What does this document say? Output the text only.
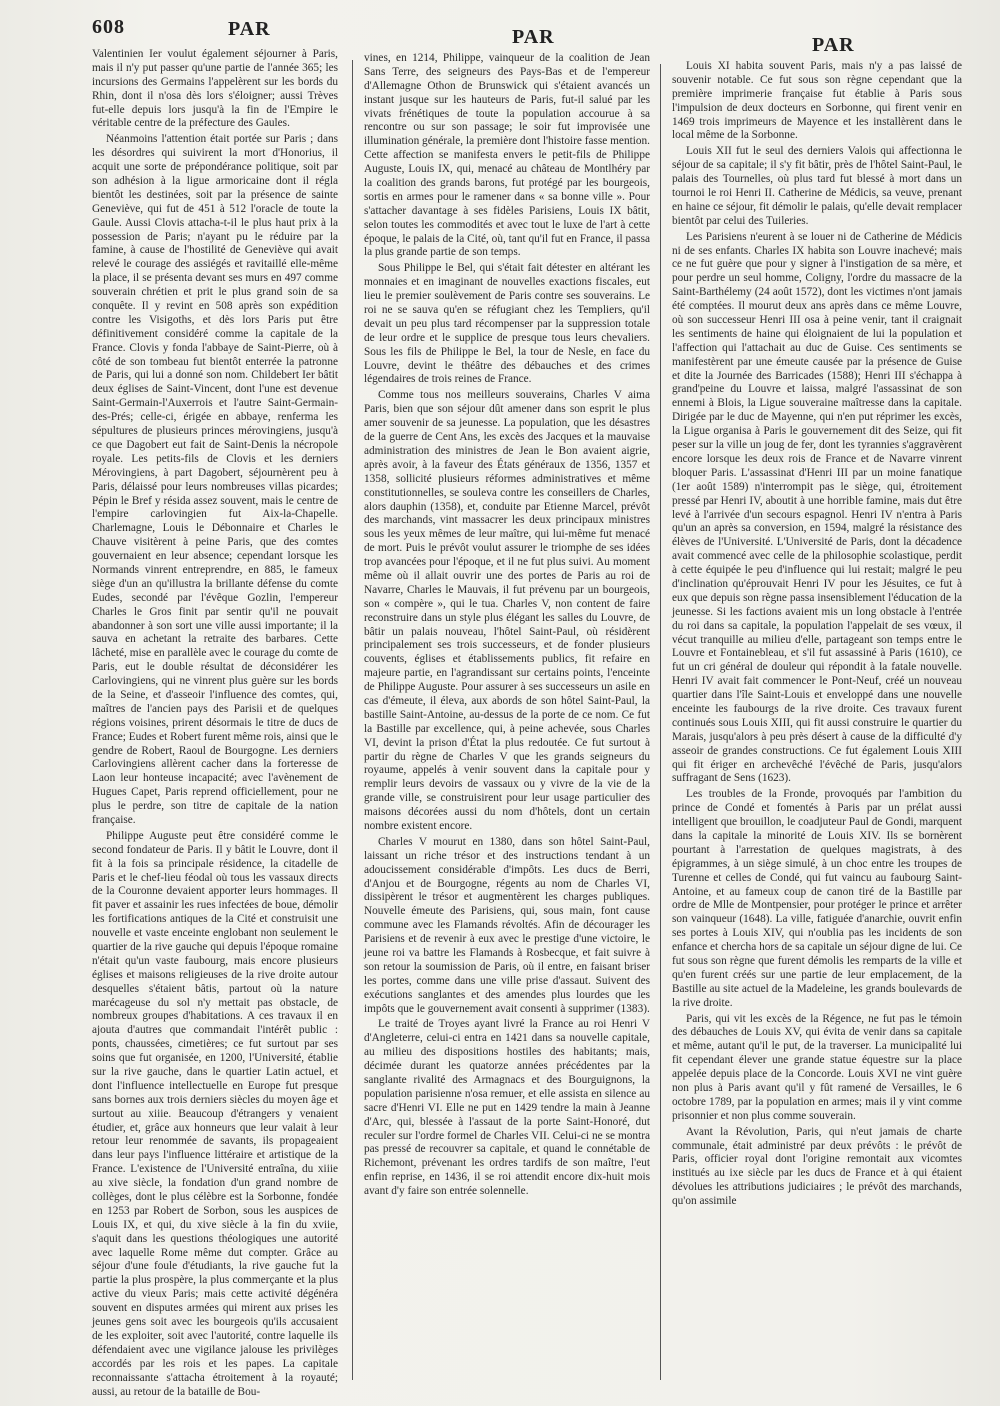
608	PAR	PAR	PAR

Valentinien Ier voulut également séjourner à Paris, mais il n'y put passer qu'une partie de l'année 365; les incursions des Germains l'appelèrent sur les bords du Rhin, dont il n'osa dès lors s'éloigner; aussi Trèves fut-elle depuis lors jusqu'à la fin de l'Empire le véritable centre de la préfecture des Gaules.

Néanmoins l'attention était portée sur Paris ; dans les désordres qui suivirent la mort d'Honorius, il acquit une sorte de prépondérance politique, soit par son adhésion à la ligue armoricaine dont il régla bientôt les destinées, soit par la présence de sainte Geneviève, qui fut de 451 à 512 l'oracle de toute la Gaule. Aussi Clovis attacha-t-il le plus haut prix à la possession de Paris; n'ayant pu le réduire par la famine, à cause de l'hostilité de Geneviève qui avait relevé le courage des assiégés et ravitaillé elle-même la place, il se présenta devant ses murs en 497 comme souverain chrétien et prit le plus grand soin de sa conquête. Il y revint en 508 après son expédition contre les Visigoths, et dès lors Paris put être définitivement considéré comme la capitale de la France. Clovis y fonda l'abbaye de Saint-Pierre, où à côté de son tombeau fut bientôt enterrée la patronne de Paris, qui lui a donné son nom. Childebert Ier bâtit deux églises de Saint-Vincent, dont l'une est devenue Saint-Germain-l'Auxerrois et l'autre Saint-Germain-des-Prés; celle-ci, érigée en abbaye, renferma les sépultures de plusieurs princes mérovingiens, jusqu'à ce que Dagobert eut fait de Saint-Denis la nécropole royale. Les petits-fils de Clovis et les derniers Mérovingiens, à part Dagobert, séjournèrent peu à Paris, délaissé pour leurs nombreuses villas picardes; Pépin le Bref y résida assez souvent, mais le centre de l'empire carlovingien fut Aix-la-Chapelle. Charlemagne, Louis le Débonnaire et Charles le Chauve visitèrent à peine Paris, que des comtes gouvernaient en leur absence; cependant lorsque les Normands vinrent entreprendre, en 885, le fameux siège d'un an qu'illustra la brillante défense du comte Eudes, secondé par l'évêque Gozlin, l'empereur Charles le Gros finit par sentir qu'il ne pouvait abandonner à son sort une ville aussi importante; il la sauva en achetant la retraite des barbares. Cette lâcheté, mise en parallèle avec le courage du comte de Paris, eut le double résultat de déconsidérer les Carlovingiens, qui ne vinrent plus guère sur les bords de la Seine, et d'asseoir l'influence des comtes, qui, maîtres de l'ancien pays des Parisii et de quelques régions voisines, prirent désormais le titre de ducs de France; Eudes et Robert furent même rois, ainsi que le gendre de Robert, Raoul de Bourgogne. Les derniers Carlovingiens allèrent cacher dans la forteresse de Laon leur honteuse incapacité; avec l'avènement de Hugues Capet, Paris reprend officiellement, pour ne plus le perdre, son titre de capitale de la nation française.

Philippe Auguste peut être considéré comme le second fondateur de Paris. Il y bâtit le Louvre, dont il fit à la fois sa principale résidence, la citadelle de Paris et le chef-lieu féodal où tous les vassaux directs de la Couronne devaient apporter leurs hommages. Il fit paver et assainir les rues infectées de boue, démolir les fortifications antiques de la Cité et construisit une nouvelle et vaste enceinte englobant non seulement le quartier de la rive gauche qui depuis l'époque romaine n'était qu'un vaste faubourg, mais encore plusieurs églises et maisons religieuses de la rive droite autour desquelles s'étaient bâtis, partout où la nature marécageuse du sol n'y mettait pas obstacle, de nombreux groupes d'habitations. A ces travaux il en ajouta d'autres que commandait l'intérêt public : ponts, chaussées, cimetières; ce fut surtout par ses soins que fut organisée, en 1200, l'Université, établie sur la rive gauche, dans le quartier Latin actuel, et dont l'influence intellectuelle en Europe fut presque sans bornes aux trois derniers siècles du moyen âge et surtout au xiiie. Beaucoup d'étrangers y venaient étudier, et, grâce aux honneurs que leur valait à leur retour leur renommée de savants, ils propageaient dans leur pays l'influence littéraire et artistique de la France. L'existence de l'Université entraîna, du xiiie au xive siècle, la fondation d'un grand nombre de collèges, dont le plus célèbre est la Sorbonne, fondée en 1253 par Robert de Sorbon, sous les auspices de Louis IX, et qui, du xive siècle à la fin du xviie, s'aquit dans les questions théologiques une autorité avec laquelle Rome même dut compter. Grâce au séjour d'une foule d'étudiants, la rive gauche fut la partie la plus prospère, la plus commerçante et la plus active du vieux Paris; mais cette activité dégénéra souvent en disputes armées qui mirent aux prises les jeunes gens soit avec les bourgeois qu'ils accusaient de les exploiter, soit avec l'autorité, contre laquelle ils défendaient avec une vigilance jalouse les privilèges accordés par les rois et les papes. La capitale reconnaissante s'attacha étroitement à la royauté; aussi, au retour de la bataille de Bou-

vines, en 1214, Philippe, vainqueur de la coalition de Jean Sans Terre, des seigneurs des Pays-Bas et de l'empereur d'Allemagne Othon de Brunswick qui s'étaient avancés un instant jusque sur les hauteurs de Paris, fut-il salué par les vivats frénétiques de toute la population accourue à sa rencontre ou sur son passage; le soir fut improvisée une illumination générale, la première dont l'histoire fasse mention. Cette affection se manifesta envers le petit-fils de Philippe Auguste, Louis IX, qui, menacé au château de Montlhéry par la coalition des grands barons, fut protégé par les bourgeois, sortis en armes pour le ramener dans « sa bonne ville ». Pour s'attacher davantage à ses fidèles Parisiens, Louis IX bâtit, selon toutes les commodités et avec tout le luxe de l'art à cette époque, le palais de la Cité, où, tant qu'il fut en France, il passa la plus grande partie de son temps.

Sous Philippe le Bel, qui s'était fait détester en altérant les monnaies et en imaginant de nouvelles exactions fiscales, eut lieu le premier soulèvement de Paris contre ses souverains. Le roi ne se sauva qu'en se réfugiant chez les Templiers, qu'il devait un peu plus tard récompenser par la suppression totale de leur ordre et le supplice de presque tous leurs chevaliers. Sous les fils de Philippe le Bel, la tour de Nesle, en face du Louvre, devint le théâtre des débauches et des crimes légendaires de trois reines de France.

Comme tous nos meilleurs souverains, Charles V aima Paris, bien que son séjour dût amener dans son esprit le plus amer souvenir de sa jeunesse. La population, que les désastres de la guerre de Cent Ans, les excès des Jacques et la mauvaise administration des ministres de Jean le Bon avaient aigrie, après avoir, à la faveur des États généraux de 1356, 1357 et 1358, sollicité plusieurs réformes administratives et même constitutionnelles, se souleva contre les conseillers de Charles, alors dauphin (1358), et, conduite par Etienne Marcel, prévôt des marchands, vint massacrer les deux principaux ministres sous les yeux mêmes de leur maître, qui lui-même fut menacé de mort. Puis le prévôt voulut assurer le triomphe de ses idées trop avancées pour l'époque, et il ne fut plus suivi. Au moment même où il allait ouvrir une des portes de Paris au roi de Navarre, Charles le Mauvais, il fut prévenu par un bourgeois, son « compère », qui le tua. Charles V, non content de faire reconstruire dans un style plus élégant les salles du Louvre, de bâtir un palais nouveau, l'hôtel Saint-Paul, où résidèrent principalement ses trois successeurs, et de fonder plusieurs couvents, églises et établissements publics, fit refaire en majeure partie, en l'agrandissant sur certains points, l'enceinte de Philippe Auguste. Pour assurer à ses successeurs un asile en cas d'émeute, il éleva, aux abords de son hôtel Saint-Paul, la bastille Saint-Antoine, au-dessus de la porte de ce nom. Ce fut la Bastille par excellence, qui, à peine achevée, sous Charles VI, devint la prison d'État la plus redoutée. Ce fut surtout à partir du règne de Charles V que les grands seigneurs du royaume, appelés à venir souvent dans la capitale pour y remplir leurs devoirs de vassaux ou y vivre de la vie de la grande ville, se construisirent pour leur usage particulier des maisons décorées aussi du nom d'hôtels, dont un certain nombre existent encore.

Charles V mourut en 1380, dans son hôtel Saint-Paul, laissant un riche trésor et des instructions tendant à un adoucissement considérable d'impôts. Les ducs de Berri, d'Anjou et de Bourgogne, régents au nom de Charles VI, dissipèrent le trésor et augmentèrent les charges publiques. Nouvelle émeute des Parisiens, qui, sous main, font cause commune avec les Flamands révoltés. Afin de décourager les Parisiens et de revenir à eux avec le prestige d'une victoire, le jeune roi va battre les Flamands à Rosbecque, et fait suivre à son retour la soumission de Paris, où il entre, en faisant briser les portes, comme dans une ville prise d'assaut. Suivent des exécutions sanglantes et des amendes plus lourdes que les impôts que le gouvernement avait consenti à supprimer (1383).

Le traité de Troyes ayant livré la France au roi Henri V d'Angleterre, celui-ci entra en 1421 dans sa nouvelle capitale, au milieu des dispositions hostiles des habitants; mais, décimée durant les quatorze années précédentes par la sanglante rivalité des Armagnacs et des Bourguignons, la population parisienne n'osa remuer, et elle assista en silence au sacre d'Henri VI. Elle ne put en 1429 tendre la main à Jeanne d'Arc, qui, blessée à l'assaut de la porte Saint-Honoré, dut reculer sur l'ordre formel de Charles VII. Celui-ci ne se montra pas pressé de recouvrer sa capitale, et quand le connétable de Richemont, prévenant les ordres tardifs de son maître, l'eut enfin reprise, en 1436, il se roi attendit encore dix-huit mois avant d'y faire son entrée solennelle.

Louis XI habita souvent Paris, mais n'y a pas laissé de souvenir notable. Ce fut sous son règne cependant que la première imprimerie française fut établie à Paris sous l'impulsion de deux docteurs en Sorbonne, qui firent venir en 1469 trois imprimeurs de Mayence et les installèrent dans le local même de la Sorbonne.

Louis XII fut le seul des derniers Valois qui affectionna le séjour de sa capitale; il s'y fit bâtir, près de l'hôtel Saint-Paul, le palais des Tournelles, où plus tard fut blessé à mort dans un tournoi le roi Henri II. Catherine de Médicis, sa veuve, prenant en haine ce séjour, fit démolir le palais, qu'elle devait remplacer bientôt par celui des Tuileries.

Les Parisiens n'eurent à se louer ni de Catherine de Médicis ni de ses enfants. Charles IX habita son Louvre inachevé; mais ce ne fut guère que pour y signer à l'instigation de sa mère, et pour perdre un seul homme, Coligny, l'ordre du massacre de la Saint-Barthélemy (24 août 1572), dont les victimes n'ont jamais été comptées. Il mourut deux ans après dans ce même Louvre, où son successeur Henri III osa à peine venir, tant il craignait les sentiments de haine qui éloignaient de lui la population et l'affection qui l'attachait au duc de Guise. Ces sentiments se manifestèrent par une émeute causée par la présence de Guise et dite la Journée des Barricades (1588); Henri III s'échappa à grand'peine du Louvre et laissa, malgré l'assassinat de son ennemi à Blois, la Ligue souveraine maîtresse dans la capitale. Dirigée par le duc de Mayenne, qui n'en put réprimer les excès, la Ligue organisa à Paris le gouvernement dit des Seize, qui fit peser sur la ville un joug de fer, dont les tyrannies s'aggravèrent encore lorsque les deux rois de France et de Navarre vinrent bloquer Paris. L'assassinat d'Henri III par un moine fanatique (1er août 1589) n'interrompit pas le siège, qui, étroitement pressé par Henri IV, aboutit à une horrible famine, mais dut être levé à l'arrivée d'un secours espagnol. Henri IV n'entra à Paris qu'un an après sa conversion, en 1594, malgré la résistance des élèves de l'Université. L'Université de Paris, dont la décadence avait commencé avec celle de la philosophie scolastique, perdit à cette équipée le peu d'influence qui lui restait; malgré le peu d'inclination qu'éprouvait Henri IV pour les Jésuites, ce fut à eux que depuis son règne passa insensiblement l'éducation de la jeunesse. Si les factions avaient mis un long obstacle à l'entrée du roi dans sa capitale, la population l'appelait de ses vœux, il vécut tranquille au milieu d'elle, partageant son temps entre le Louvre et Fontainebleau, et s'il fut assassiné à Paris (1610), ce fut un cri général de douleur qui répondit à la fatale nouvelle. Henri IV avait fait commencer le Pont-Neuf, créé un nouveau quartier dans l'île Saint-Louis et enveloppé dans une nouvelle enceinte les faubourgs de la rive droite. Ces travaux furent continués sous Louis XIII, qui fit aussi construire le quartier du Marais, jusqu'alors à peu près désert à cause de la difficulté d'y asseoir de grandes constructions. Ce fut également Louis XIII qui fit ériger en archevêché l'évêché de Paris, jusqu'alors suffragant de Sens (1623).

Les troubles de la Fronde, provoqués par l'ambition du prince de Condé et fomentés à Paris par un prélat aussi intelligent que brouillon, le coadjuteur Paul de Gondi, marquent dans la capitale la minorité de Louis XIV. Ils se bornèrent pourtant à l'arrestation de quelques magistrats, à des épigrammes, à un siège simulé, à un choc entre les troupes de Turenne et celles de Condé, qui fut vaincu au faubourg Saint-Antoine, et au fameux coup de canon tiré de la Bastille par ordre de Mlle de Montpensier, pour protéger le prince et arrêter son vainqueur (1648). La ville, fatiguée d'anarchie, ouvrit enfin ses portes à Louis XIV, qui n'oublia pas les incidents de son enfance et chercha hors de sa capitale un séjour digne de lui. Ce fut sous son règne que furent démolis les remparts de la ville et qu'en furent créés sur une partie de leur emplacement, de la Bastille au site actuel de la Madeleine, les grands boulevards de la rive droite.

Paris, qui vit les excès de la Régence, ne fut pas le témoin des débauches de Louis XV, qui évita de venir dans sa capitale et même, autant qu'il le put, de la traverser. La municipalité lui fit cependant élever une grande statue équestre sur la place appelée depuis place de la Concorde. Louis XVI ne vint guère non plus à Paris avant qu'il y fût ramené de Versailles, le 6 octobre 1789, par la population en armes; mais il y vint comme prisonnier et non plus comme souverain.

Avant la Révolution, Paris, qui n'eut jamais de charte communale, était administré par deux prévôts : le prévôt de Paris, officier royal dont l'origine remontait aux vicomtes institués au ixe siècle par les ducs de France et à qui étaient dévolues les attributions judiciaires ; le prévôt des marchands, qu'on assimile
